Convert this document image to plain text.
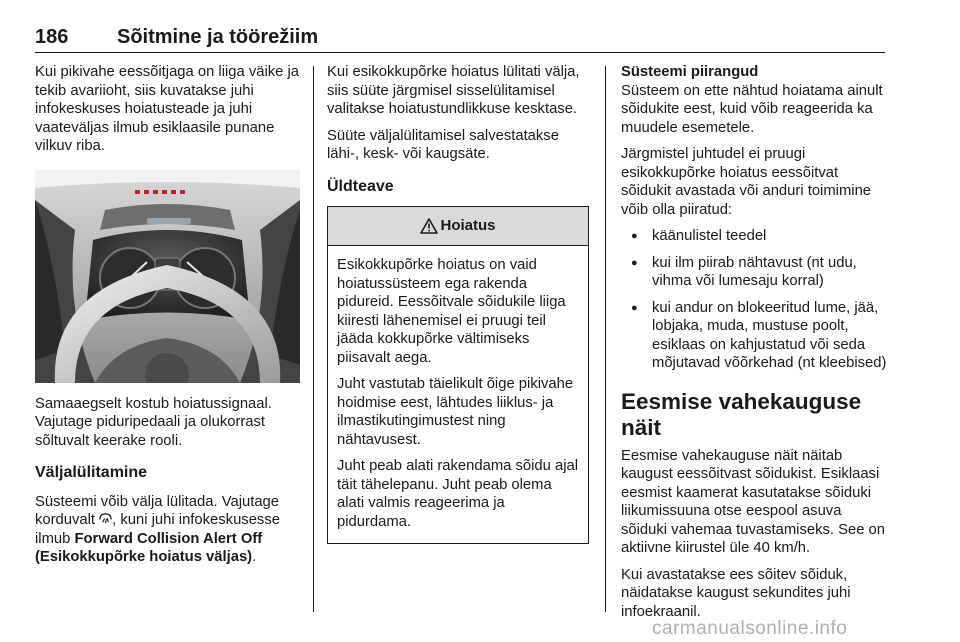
186 Sõitmine ja töörežiim

Kui pikivahe eessõitjaga on liiga väike ja tekib avariioht, siis kuvatakse juhi infokeskuses hoiatusteade ja juhi vaateväljas ilmub esiklaasile punane vilkuv riba.

Samaaegselt kostub hoiatussignaal. Vajutage piduripedaali ja olukorrast sõltuvalt keerake rooli.

Väljalülitamine

Süsteemi võib välja lülitada. Vajutage korduvalt , kuni juhi infokeskusesse ilmub Forward Collision Alert Off (Esikokkupõrke hoiatus väljas).

Kui esikokkupõrke hoiatus lülitati välja, siis süüte järgmisel sisselülitamisel valitakse hoiatustundlikkuse kesktase.

Süüte väljalülitamisel salvestatakse lähi-, kesk- või kaugsäte.

Üldteave
Hoiatus

Esikokkupõrke hoiatus on vaid hoiatussüsteem ega rakenda pidureid. Eessõitvale sõidukile liiga kiiresti lähenemisel ei pruugi teil jääda kokkupõrke vältimiseks piisavalt aega.

Juht vastutab täielikult õige pikivahe hoidmise eest, lähtudes liiklus- ja ilmastikutingimustest ning nähtavusest.

Juht peab alati rakendama sõidu ajal täit tähelepanu. Juht peab olema alati valmis reageerima ja pidurdama.

Süsteemi piirangud

Süsteem on ette nähtud hoiatama ainult sõidukite eest, kuid võib reageerida ka muudele esemetele.

Järgmistel juhtudel ei pruugi esikokkupõrke hoiatus eessõitvat sõidukit avastada või anduri toimimine võib olla piiratud:

● käänulistel teedel
● kui ilm piirab nähtavust (nt udu, vihma või lumesaju korral)
● kui andur on blokeeritud lume, jää, lobjaka, muda, mustuse poolt, esiklaas on kahjustatud või seda mõjutavad võõrkehad (nt kleebised)
Eesmise vahekauguse näit

Eesmise vahekauguse näit näitab kaugust eessõitvast sõidukist. Esiklaasi eesmist kaamerat kasutatakse sõiduki liikumissuuna otse eespool asuva sõiduki vahemaa tuvastamiseks. See on aktiivne kiirustel üle 40 km/h.

Kui avastatakse ees sõitev sõiduk, näidatakse kaugust sekundites juhi infoekraanil.

carmanualsonline.info
